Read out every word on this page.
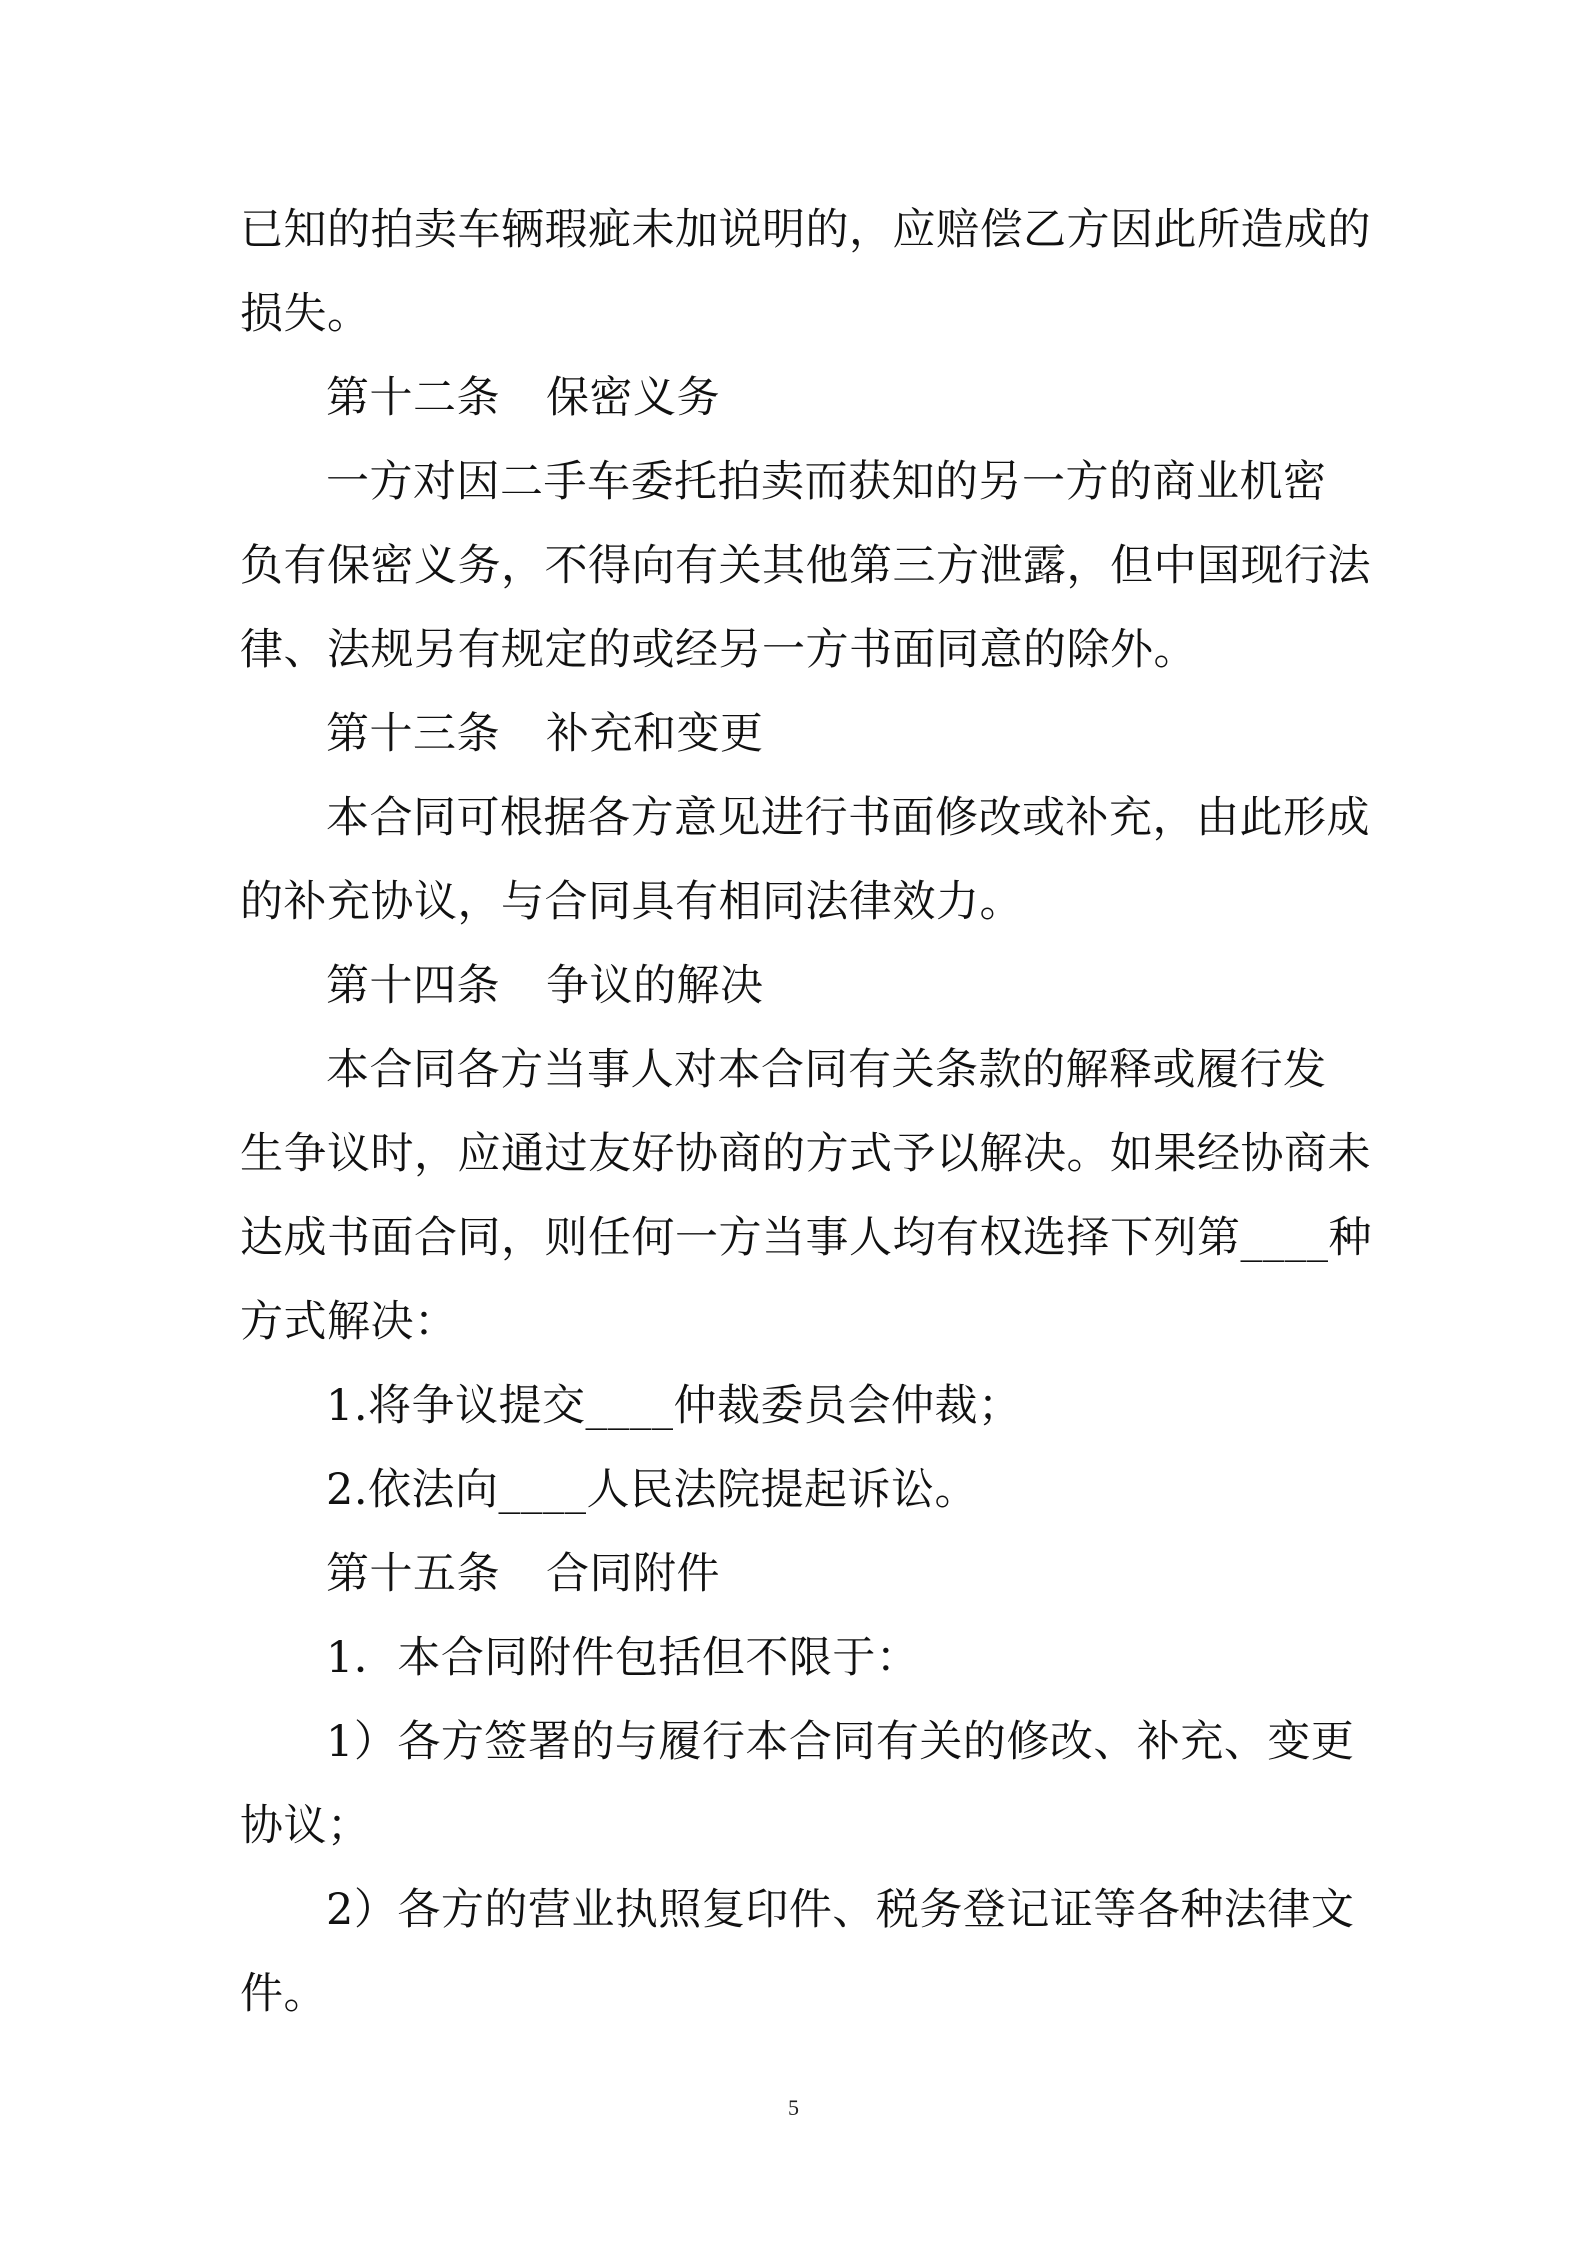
已知的拍卖车辆瑕疵未加说明的，应赔偿乙方因此所造成的
损失。
第十二条 保密义务
一方对因二手车委托拍卖而获知的另一方的商业机密
负有保密义务，不得向有关其他第三方泄露，但中国现行法
律、法规另有规定的或经另一方书面同意的除外。
第十三条 补充和变更
本合同可根据各方意见进行书面修改或补充，由此形成
的补充协议，与合同具有相同法律效力。
第十四条 争议的解决
本合同各方当事人对本合同有关条款的解释或履行发
生争议时，应通过友好协商的方式予以解决。如果经协商未
达成书面合同，则任何一方当事人均有权选择下列第____种
方式解决：
1.将争议提交____仲裁委员会仲裁；
2.依法向____人民法院提起诉讼。
第十五条 合同附件
1．本合同附件包括但不限于：
1）各方签署的与履行本合同有关的修改、补充、变更
协议；
2）各方的营业执照复印件、税务登记证等各种法律文
件。
5
